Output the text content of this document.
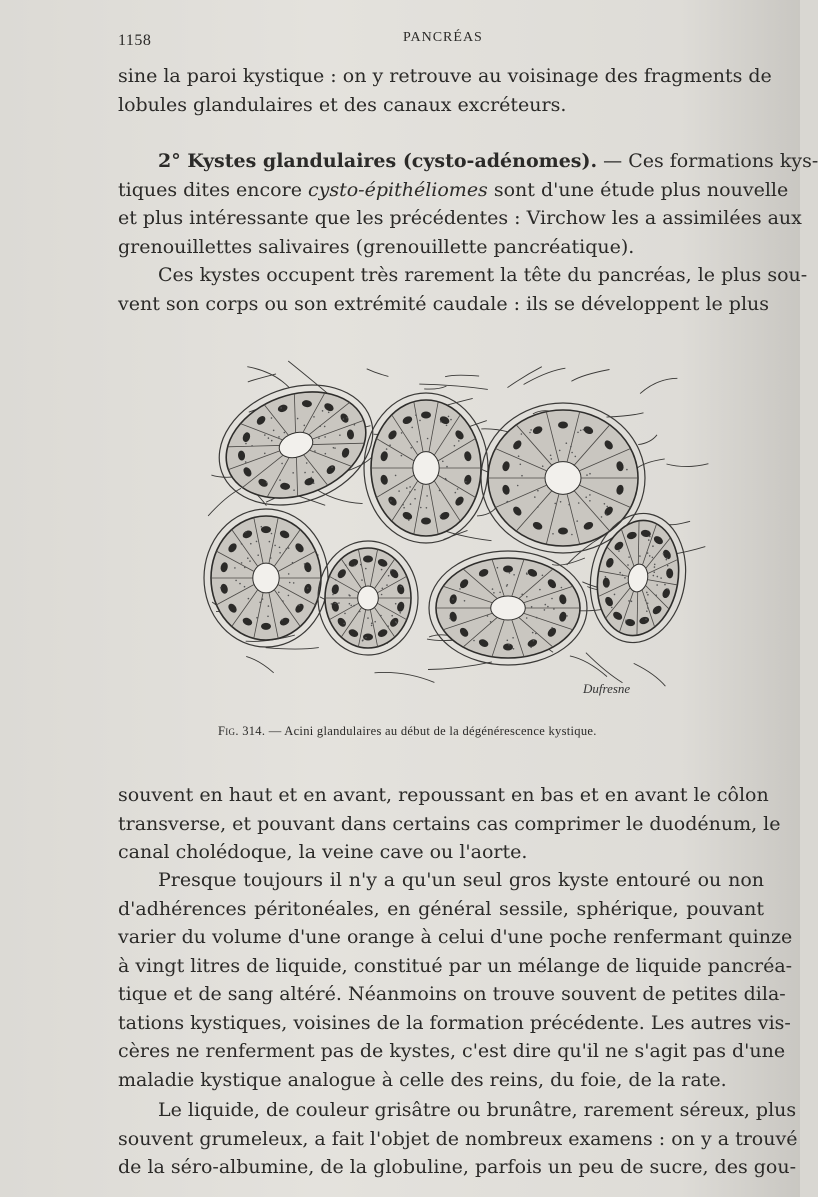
1158	PANCRÉAS
sine la paroi kystique : on y retrouve au voisinage des fragments de
lobules glandulaires et des canaux excréteurs.
2° Kystes glandulaires (cysto-adénomes). — Ces formations kys-
tiques dites encore cysto-épithéliomes sont d'une étude plus nouvelle
et plus intéressante que les précédentes : Virchow les a assimilées aux
grenouillettes salivaires (grenouillette pancréatique).
Ces kystes occupent très rarement la tête du pancréas, le plus sou-
vent son corps ou son extrémité caudale : ils se développent le plus
Dufresne
Fig. 314. — Acini glandulaires au début de la dégénérescence kystique.
souvent en haut et en avant, repoussant en bas et en avant le côlon
transverse, et pouvant dans certains cas comprimer le duodénum, le
canal cholédoque, la veine cave ou l'aorte.
Presque toujours il n'y a qu'un seul gros kyste entouré ou non
d'adhérences péritonéales, en général sessile, sphérique, pouvant
varier du volume d'une orange à celui d'une poche renfermant quinze
à vingt litres de liquide, constitué par un mélange de liquide pancréa-
tique et de sang altéré. Néanmoins on trouve souvent de petites dila-
tations kystiques, voisines de la formation précédente. Les autres vis-
cères ne renferment pas de kystes, c'est dire qu'il ne s'agit pas d'une
maladie kystique analogue à celle des reins, du foie, de la rate.
Le liquide, de couleur grisâtre ou brunâtre, rarement séreux, plus
souvent grumeleux, a fait l'objet de nombreux examens : on y a trouvé
de la séro-albumine, de la globuline, parfois un peu de sucre, des gou-
